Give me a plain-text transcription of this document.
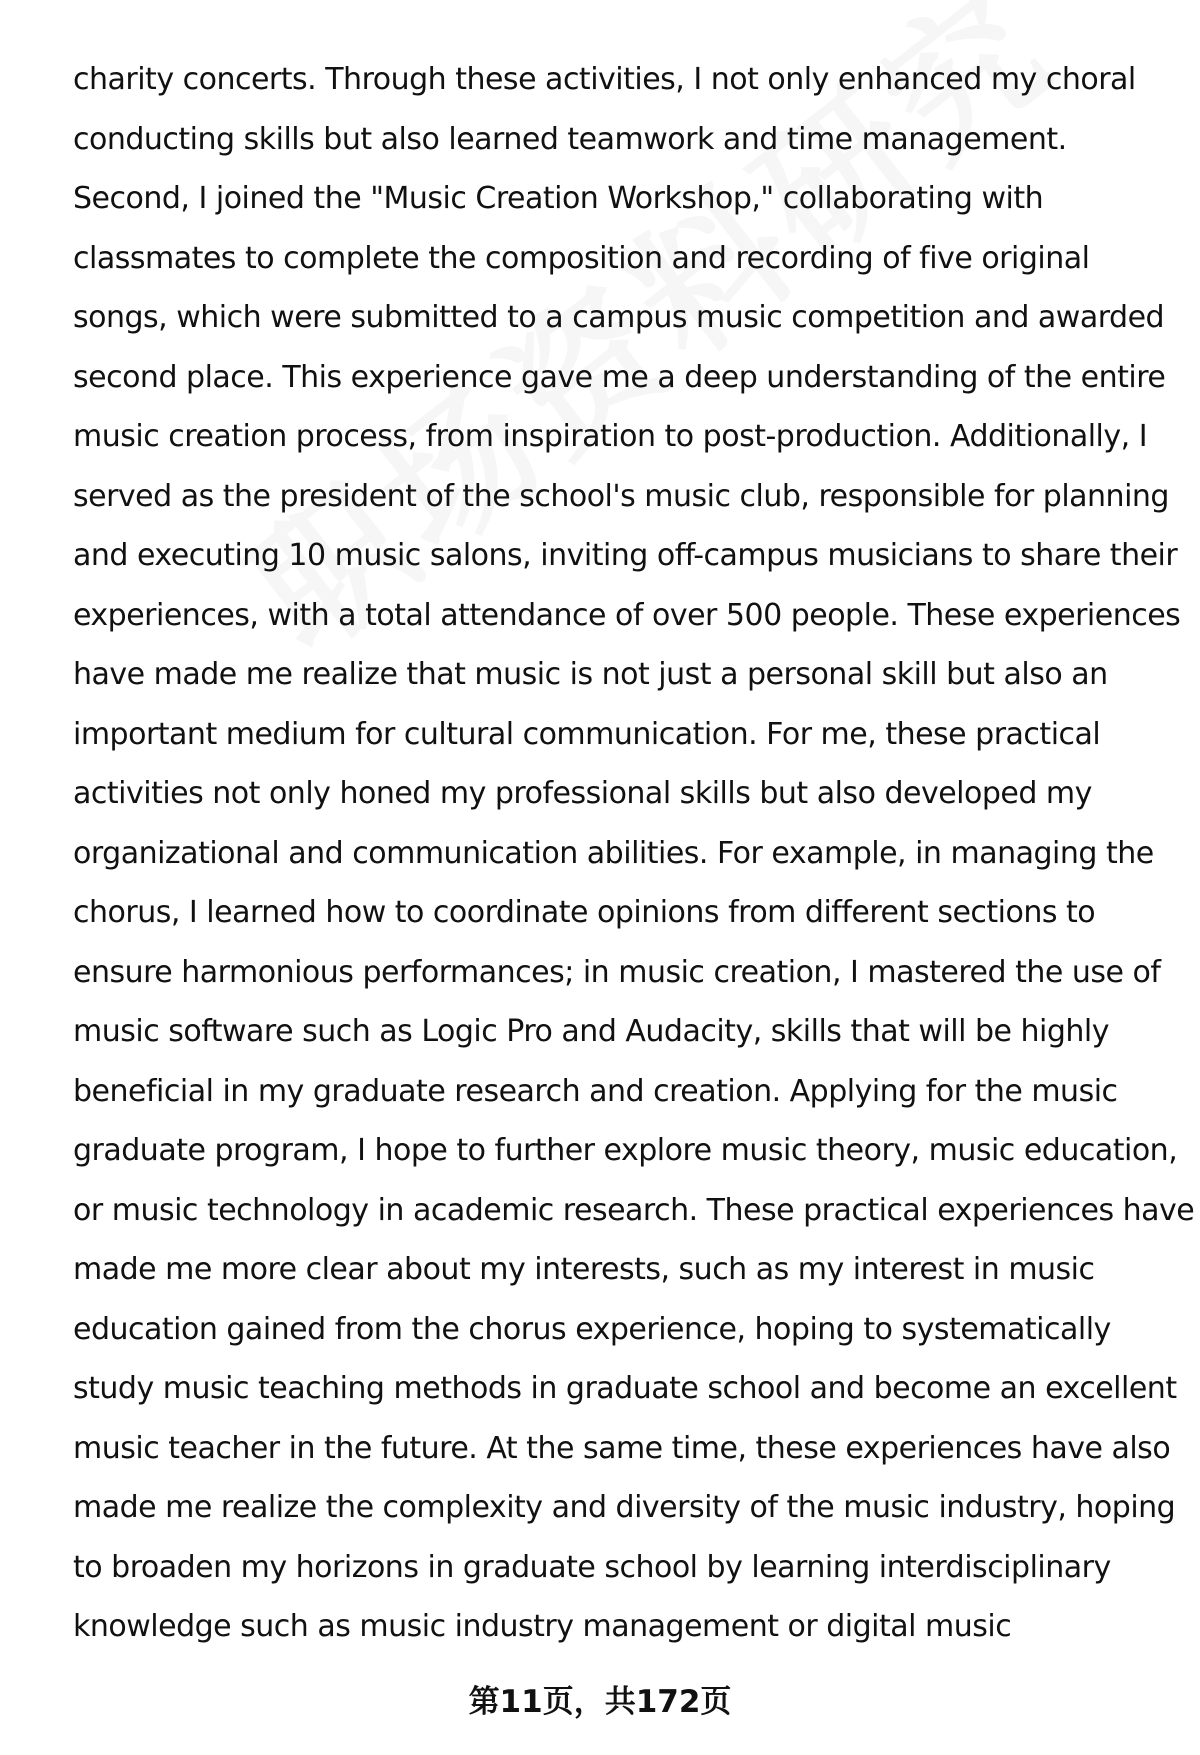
charity concerts. Through these activities, I not only enhanced my choral
conducting skills but also learned teamwork and time management.
Second, I joined the "Music Creation Workshop," collaborating with
classmates to complete the composition and recording of five original
songs, which were submitted to a campus music competition and awarded
second place. This experience gave me a deep understanding of the entire
music creation process, from inspiration to post-production. Additionally, I
served as the president of the school's music club, responsible for planning
and executing 10 music salons, inviting off-campus musicians to share their
experiences, with a total attendance of over 500 people. These experiences
have made me realize that music is not just a personal skill but also an
important medium for cultural communication. For me, these practical
activities not only honed my professional skills but also developed my
organizational and communication abilities. For example, in managing the
chorus, I learned how to coordinate opinions from different sections to
ensure harmonious performances; in music creation, I mastered the use of
music software such as Logic Pro and Audacity, skills that will be highly
beneficial in my graduate research and creation. Applying for the music
graduate program, I hope to further explore music theory, music education,
or music technology in academic research. These practical experiences have
made me more clear about my interests, such as my interest in music
education gained from the chorus experience, hoping to systematically
study music teaching methods in graduate school and become an excellent
music teacher in the future. At the same time, these experiences have also
made me realize the complexity and diversity of the music industry, hoping
to broaden my horizons in graduate school by learning interdisciplinary
knowledge such as music industry management or digital music
第11页，共172页
